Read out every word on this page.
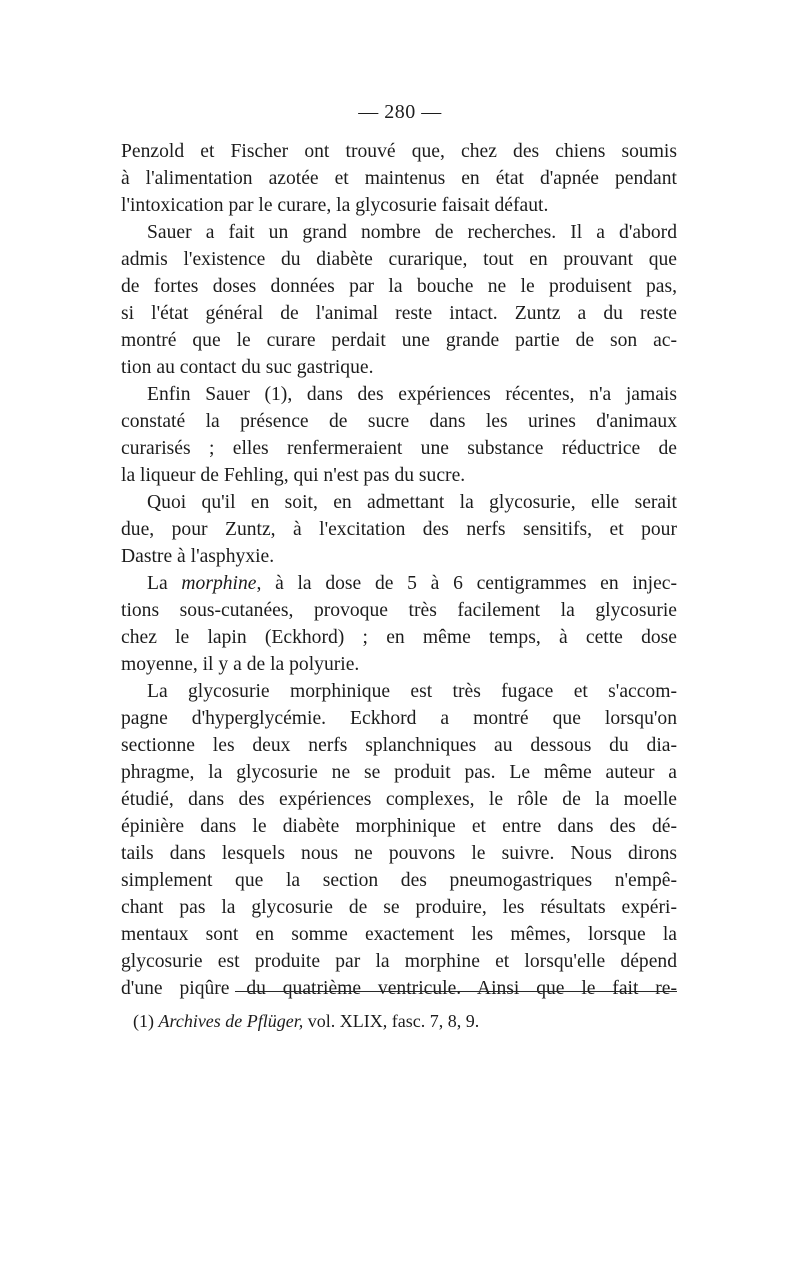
— 280 —
Penzold et Fischer ont trouvé que, chez des chiens soumis
à l'alimentation azotée et maintenus en état d'apnée pendant
l'intoxication par le curare, la glycosurie faisait défaut.
Sauer a fait un grand nombre de recherches. Il a d'abord
admis l'existence du diabète curarique, tout en prouvant que
de fortes doses données par la bouche ne le produisent pas,
si l'état général de l'animal reste intact. Zuntz a du reste
montré que le curare perdait une grande partie de son ac-
tion au contact du suc gastrique.
Enfin Sauer (1), dans des expériences récentes, n'a jamais
constaté la présence de sucre dans les urines d'animaux
curarisés ; elles renfermeraient une substance réductrice de
la liqueur de Fehling, qui n'est pas du sucre.
Quoi qu'il en soit, en admettant la glycosurie, elle serait
due, pour Zuntz, à l'excitation des nerfs sensitifs, et pour
Dastre à l'asphyxie.
La morphine, à la dose de 5 à 6 centigrammes en injec-
tions sous-cutanées, provoque très facilement la glycosurie
chez le lapin (Eckhord) ; en même temps, à cette dose
moyenne, il y a de la polyurie.
La glycosurie morphinique est très fugace et s'accom-
pagne d'hyperglycémie. Eckhord a montré que lorsqu'on
sectionne les deux nerfs splanchniques au dessous du dia-
phragme, la glycosurie ne se produit pas. Le même auteur a
étudié, dans des expériences complexes, le rôle de la moelle
épinière dans le diabète morphinique et entre dans des dé-
tails dans lesquels nous ne pouvons le suivre. Nous dirons
simplement que la section des pneumogastriques n'empê-
chant pas la glycosurie de se produire, les résultats expéri-
mentaux sont en somme exactement les mêmes, lorsque la
glycosurie est produite par la morphine et lorsqu'elle dépend
d'une piqûre du quatrième ventricule. Ainsi que le fait re-
(1) Archives de Pflüger, vol. XLIX, fasc. 7, 8, 9.
